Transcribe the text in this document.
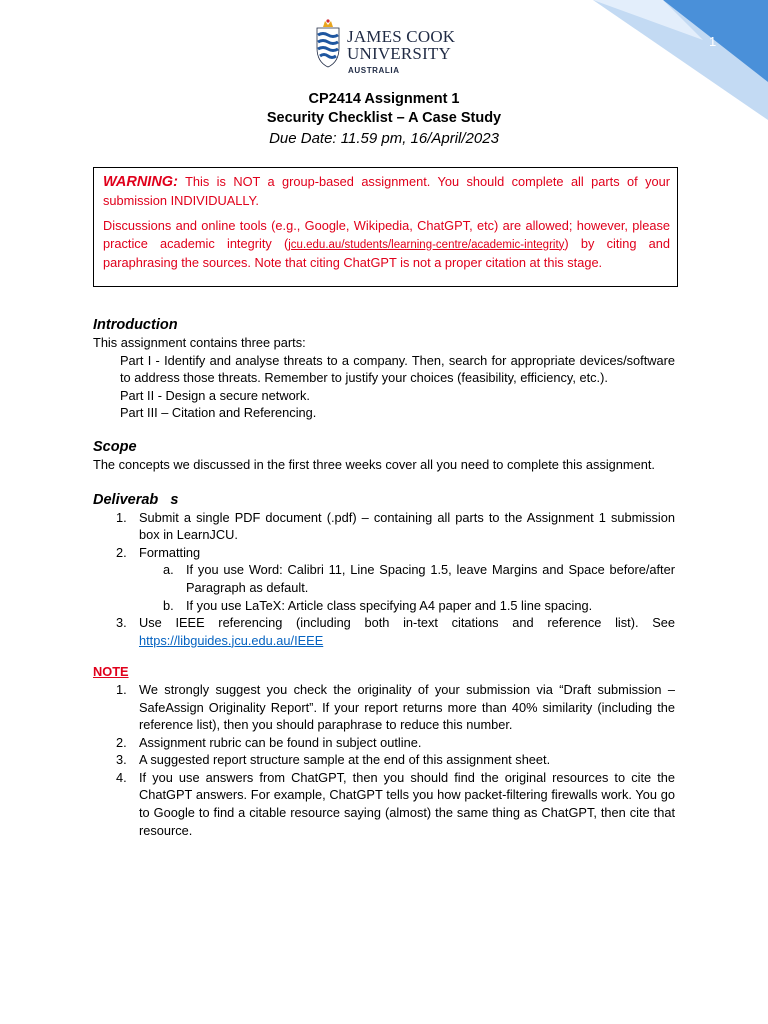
1
JAMES COOK
UNIVERSITY
AUSTRALIA
CP2414 Assignment 1
Security Checklist – A Case Study
Due Date: 11.59 pm, 16/April/2023

WARNING: This is NOT a group-based assignment. You should complete all parts of your submission INDIVIDUALLY.

Discussions and online tools (e.g., Google, Wikipedia, ChatGPT, etc) are allowed; however, please practice academic integrity (jcu.edu.au/students/learning-centre/academic-integrity) by citing and paraphrasing the sources. Note that citing ChatGPT is not a proper citation at this stage.

Introduction

This assignment contains three parts:

Part I - Identify and analyse threats to a company. Then, search for appropriate devices/software to address those threats. Remember to justify your choices (feasibility, efficiency, etc.).

Part II - Design a secure network.

Part III – Citation and Referencing.

Scope

The concepts we discussed in the first three weeks cover all you need to complete this assignment.

Deliverab   s

1. Submit a single PDF document (.pdf) – containing all parts to the Assignment 1 submission box in LearnJCU.
2. Formatting
a. If you use Word: Calibri 11, Line Spacing 1.5, leave Margins and Space before/after Paragraph as default.
b. If you use LaTeX: Article class specifying A4 paper and 1.5 line spacing.
3. Use IEEE referencing (including both in-text citations and reference list). See https://libguides.jcu.edu.au/IEEE

NOTE

1. We strongly suggest you check the originality of your submission via “Draft submission – SafeAssign Originality Report”. If your report returns more than 40% similarity (including the reference list), then you should paraphrase to reduce this number.
2. Assignment rubric can be found in subject outline.
3. A suggested report structure sample at the end of this assignment sheet.
4. If you use answers from ChatGPT, then you should find the original resources to cite the ChatGPT answers. For example, ChatGPT tells you how packet-filtering firewalls work. You go to Google to find a citable resource saying (almost) the same thing as ChatGPT, then cite that resource.
